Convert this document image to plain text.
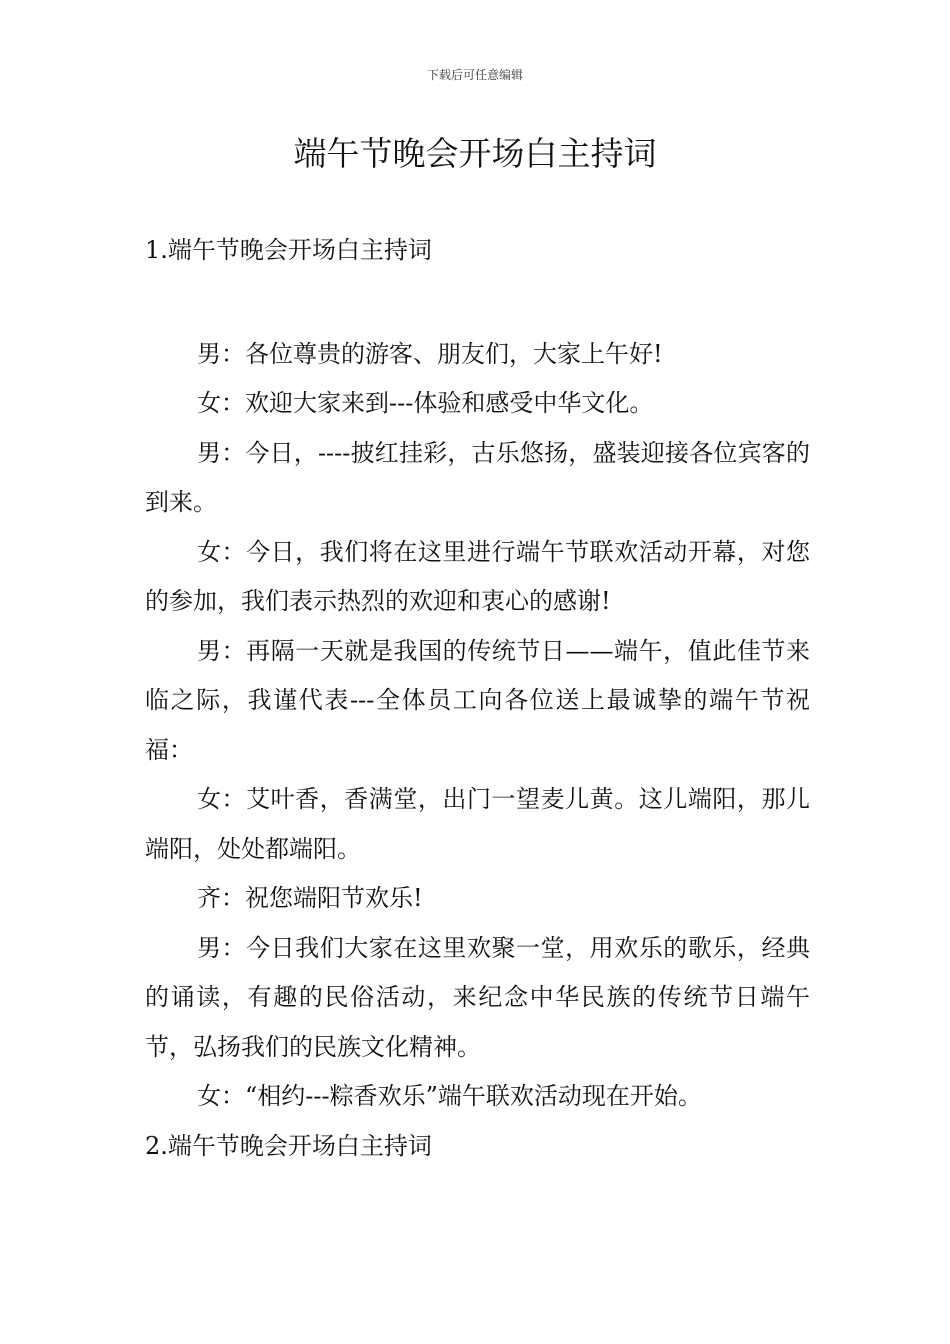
下载后可任意编辑
端午节晚会开场白主持词

1.端午节晚会开场白主持词

男：各位尊贵的游客、朋友们，大家上午好!

女：欢迎大家来到---体验和感受中华文化。

男：今日，----披红挂彩，古乐悠扬，盛装迎接各位宾客的到来。

女：今日，我们将在这里进行端午节联欢活动开幕，对您的参加，我们表示热烈的欢迎和衷心的感谢!

男：再隔一天就是我国的传统节日——端午，值此佳节来临之际，我谨代表---全体员工向各位送上最诚挚的端午节祝福：

女：艾叶香，香满堂，出门一望麦儿黄。这儿端阳，那儿端阳，处处都端阳。

齐：祝您端阳节欢乐!

男：今日我们大家在这里欢聚一堂，用欢乐的歌乐，经典的诵读，有趣的民俗活动，来纪念中华民族的传统节日端午节，弘扬我们的民族文化精神。

女：“相约---粽香欢乐”端午联欢活动现在开始。

2.端午节晚会开场白主持词
